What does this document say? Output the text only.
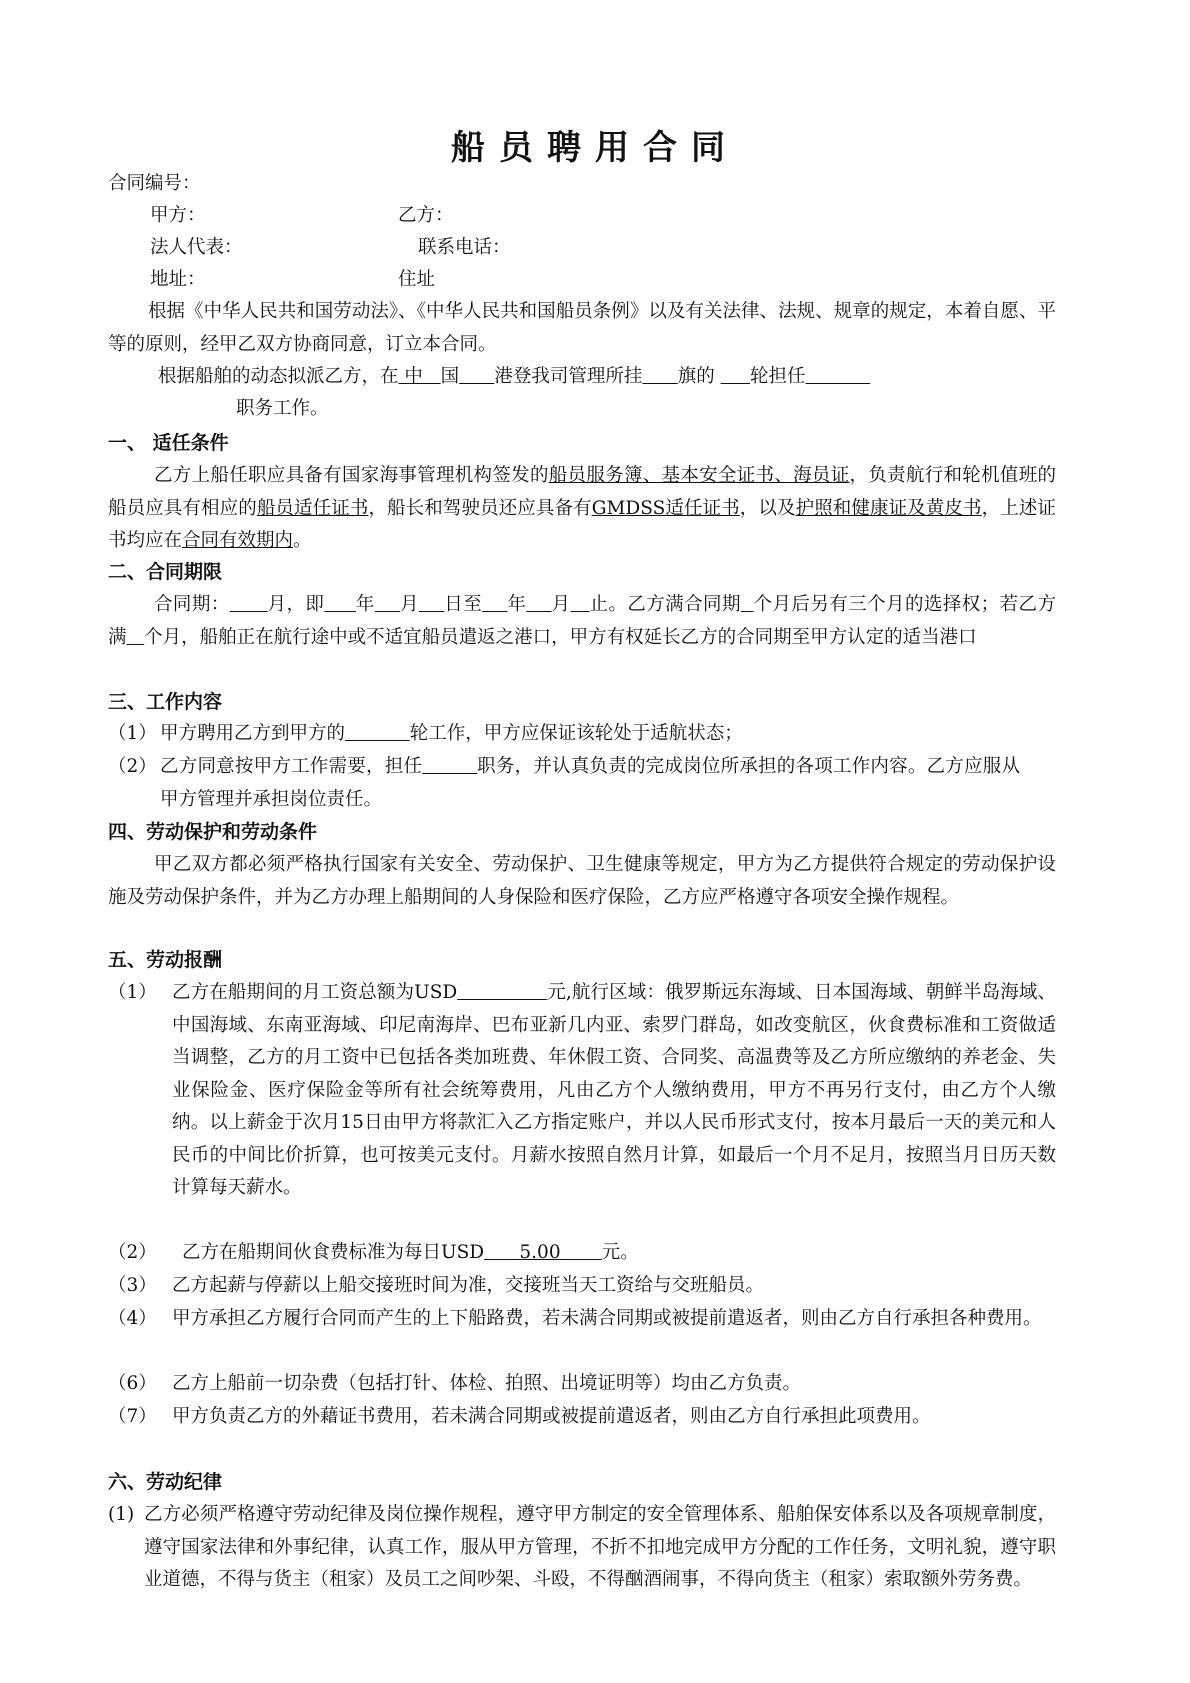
船员聘用合同
合同编号：
甲方：	乙方：
法人代表：	联系电话：
地址：	住址
根据《中华人民共和国劳动法》、《中华人民共和国船员条例》以及有关法律、法规、规章的规定，本着自愿、平等的原则，经甲乙双方协商同意，订立本合同。
根据船舶的动态拟派乙方，在 中 国 港登我司管理所挂 旗的 轮担任
职务工作。
一、 适任条件
乙方上船任职应具备有国家海事管理机构签发的船员服务簿、基本安全证书、海员证，负责航行和轮机值班的船员应具有相应的船员适任证书，船长和驾驶员还应具备有GMDSS适任证书，以及护照和健康证及黄皮书，上述证书均应在合同有效期内。
二、合同期限
合同期： 月，即 年 月 日至 年 月 止。乙方满合同期 个月后另有三个月的选择权；若乙方满 个月，船舶正在航行途中或不适宜船员遣返之港口，甲方有权延长乙方的合同期至甲方认定的适当港口
三、工作内容
（1） 甲方聘用乙方到甲方的	轮工作，甲方应保证该轮处于适航状态；
（2） 乙方同意按甲方工作需要，担任	职务，并认真负责的完成岗位所承担的各项工作内容。乙方应服从甲方管理并承担岗位责任。
四、劳动保护和劳动条件
甲乙双方都必须严格执行国家有关安全、劳动保护、卫生健康等规定，甲方为乙方提供符合规定的劳动保护设施及劳动保护条件，并为乙方办理上船期间的人身保险和医疗保险，乙方应严格遵守各项安全操作规程。
五、劳动报酬
（1） 乙方在船期间的月工资总额为USD	元,航行区域：俄罗斯远东海域、日本国海域、朝鲜半岛海域、中国海域、东南亚海域、印尼南海岸、巴布亚新几内亚、索罗门群岛，如改变航区，伙食费标准和工资做适当调整，乙方的月工资中已包括各类加班费、年休假工资、合同奖、高温费等及乙方所应缴纳的养老金、失业保险金、医疗保险金等所有社会统筹费用，凡由乙方个人缴纳费用，甲方不再另行支付，由乙方个人缴纳。以上薪金于次月15日由甲方将款汇入乙方指定账户，并以人民币形式支付，按本月最后一天的美元和人民币的中间比价折算，也可按美元支付。月薪水按照自然月计算，如最后一个月不足月，按照当月日历天数计算每天薪水。
（2）	乙方在船期间伙食费标准为每日USD 5.00 元。
（3） 乙方起薪与停薪以上船交接班时间为准，交接班当天工资给与交班船员。
（4） 甲方承担乙方履行合同而产生的上下船路费，若未满合同期或被提前遣返者，则由乙方自行承担各种费用。
（6） 乙方上船前一切杂费（包括打针、体检、拍照、出境证明等）均由乙方负责。
（7） 甲方负责乙方的外藉证书费用，若未满合同期或被提前遣返者，则由乙方自行承担此项费用。
六、劳动纪律
(1) 乙方必须严格遵守劳动纪律及岗位操作规程，遵守甲方制定的安全管理体系、船舶保安体系以及各项规章制度，遵守国家法律和外事纪律，认真工作，服从甲方管理，不折不扣地完成甲方分配的工作任务，文明礼貌，遵守职业道德，不得与货主（租家）及员工之间吵架、斗殴，不得酗酒闹事，不得向货主（租家）索取额外劳务费。
